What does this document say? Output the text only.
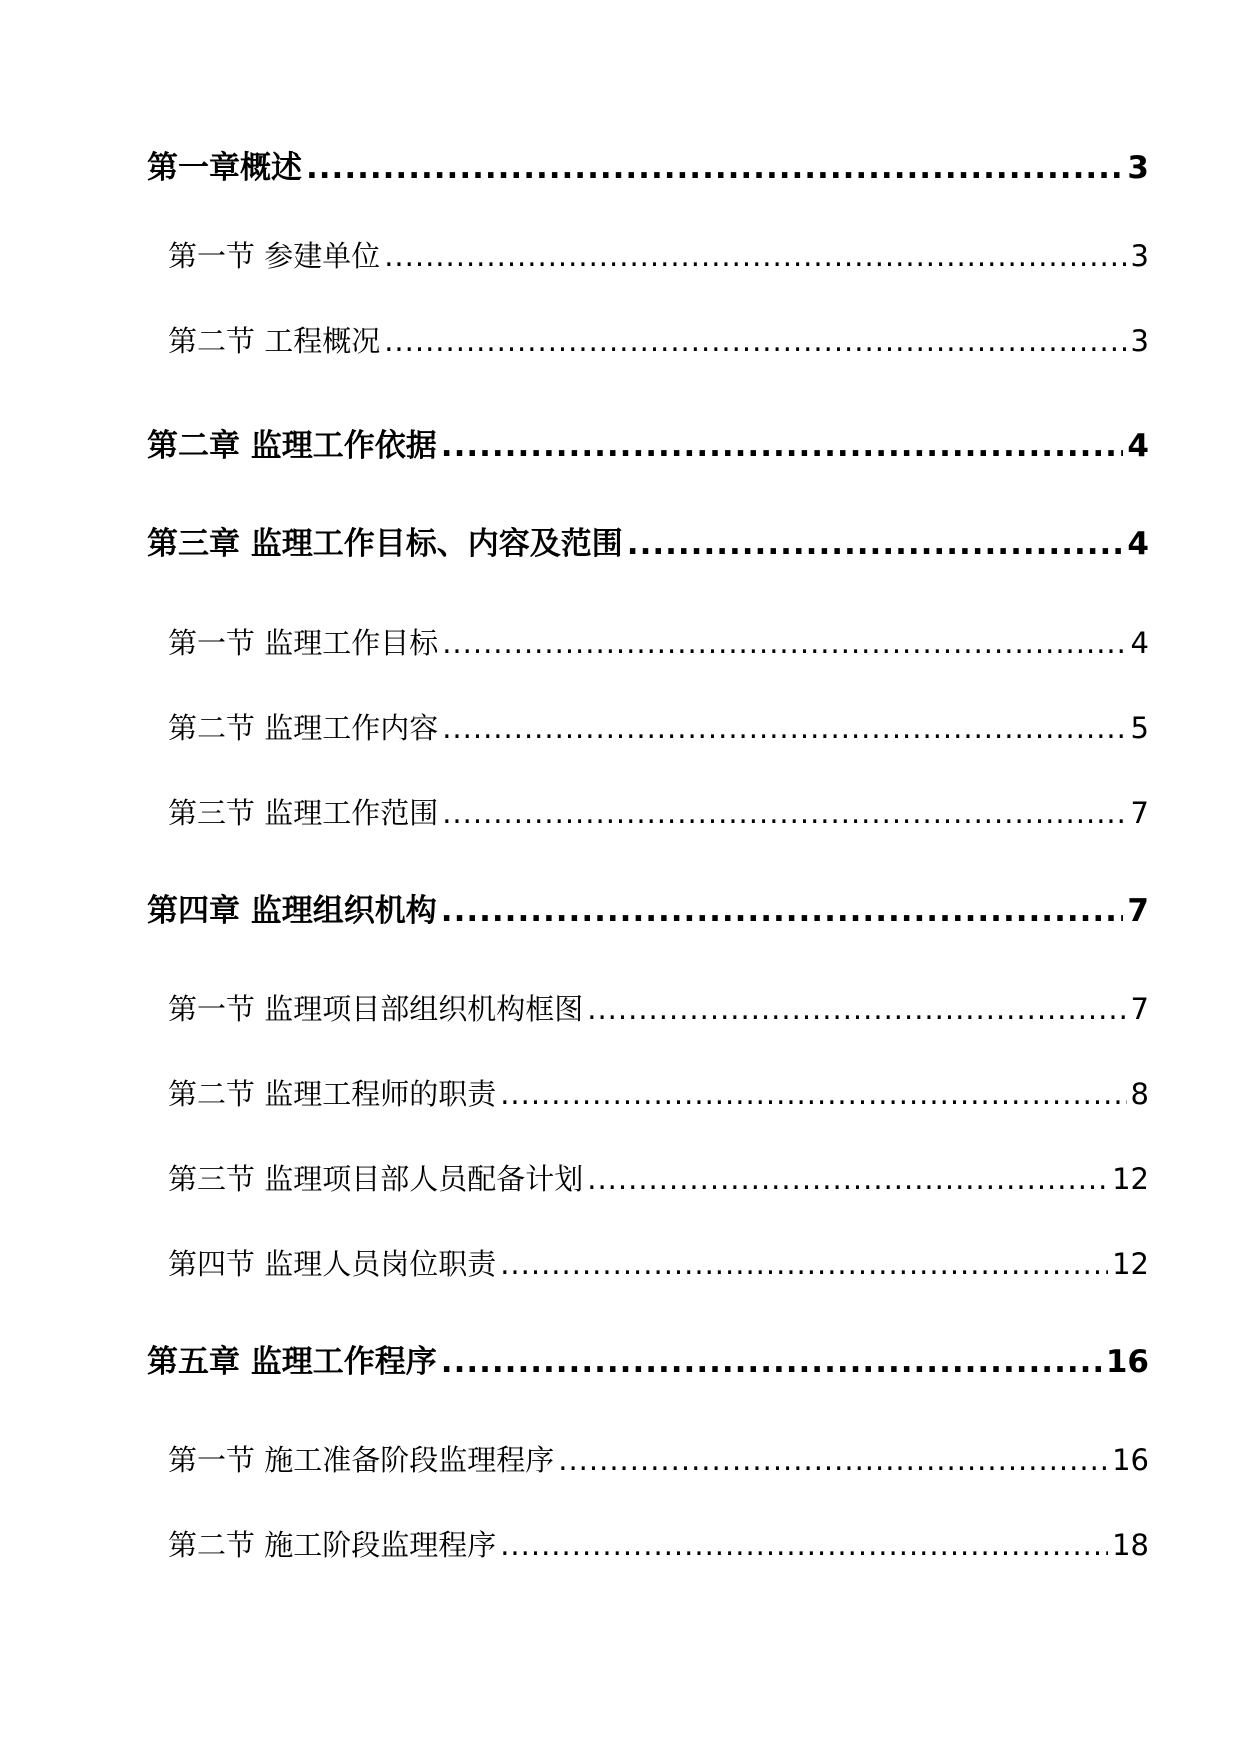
第一章概述 .....	3
第一节 参建单位 .....	3
第二节 工程概况 .....	3
第二章 监理工作依据 .....	4
第三章 监理工作目标、内容及范围 .....	4
第一节 监理工作目标 .....	4
第二节 监理工作内容 .....	5
第三节 监理工作范围 .....	7
第四章 监理组织机构 .....	7
第一节 监理项目部组织机构框图 .....	7
第二节 监理工程师的职责 .....	8
第三节 监理项目部人员配备计划 .....	12
第四节 监理人员岗位职责 .....	12
第五章 监理工作程序 .....	16
第一节 施工准备阶段监理程序 .....	16
第二节 施工阶段监理程序 .....	18
